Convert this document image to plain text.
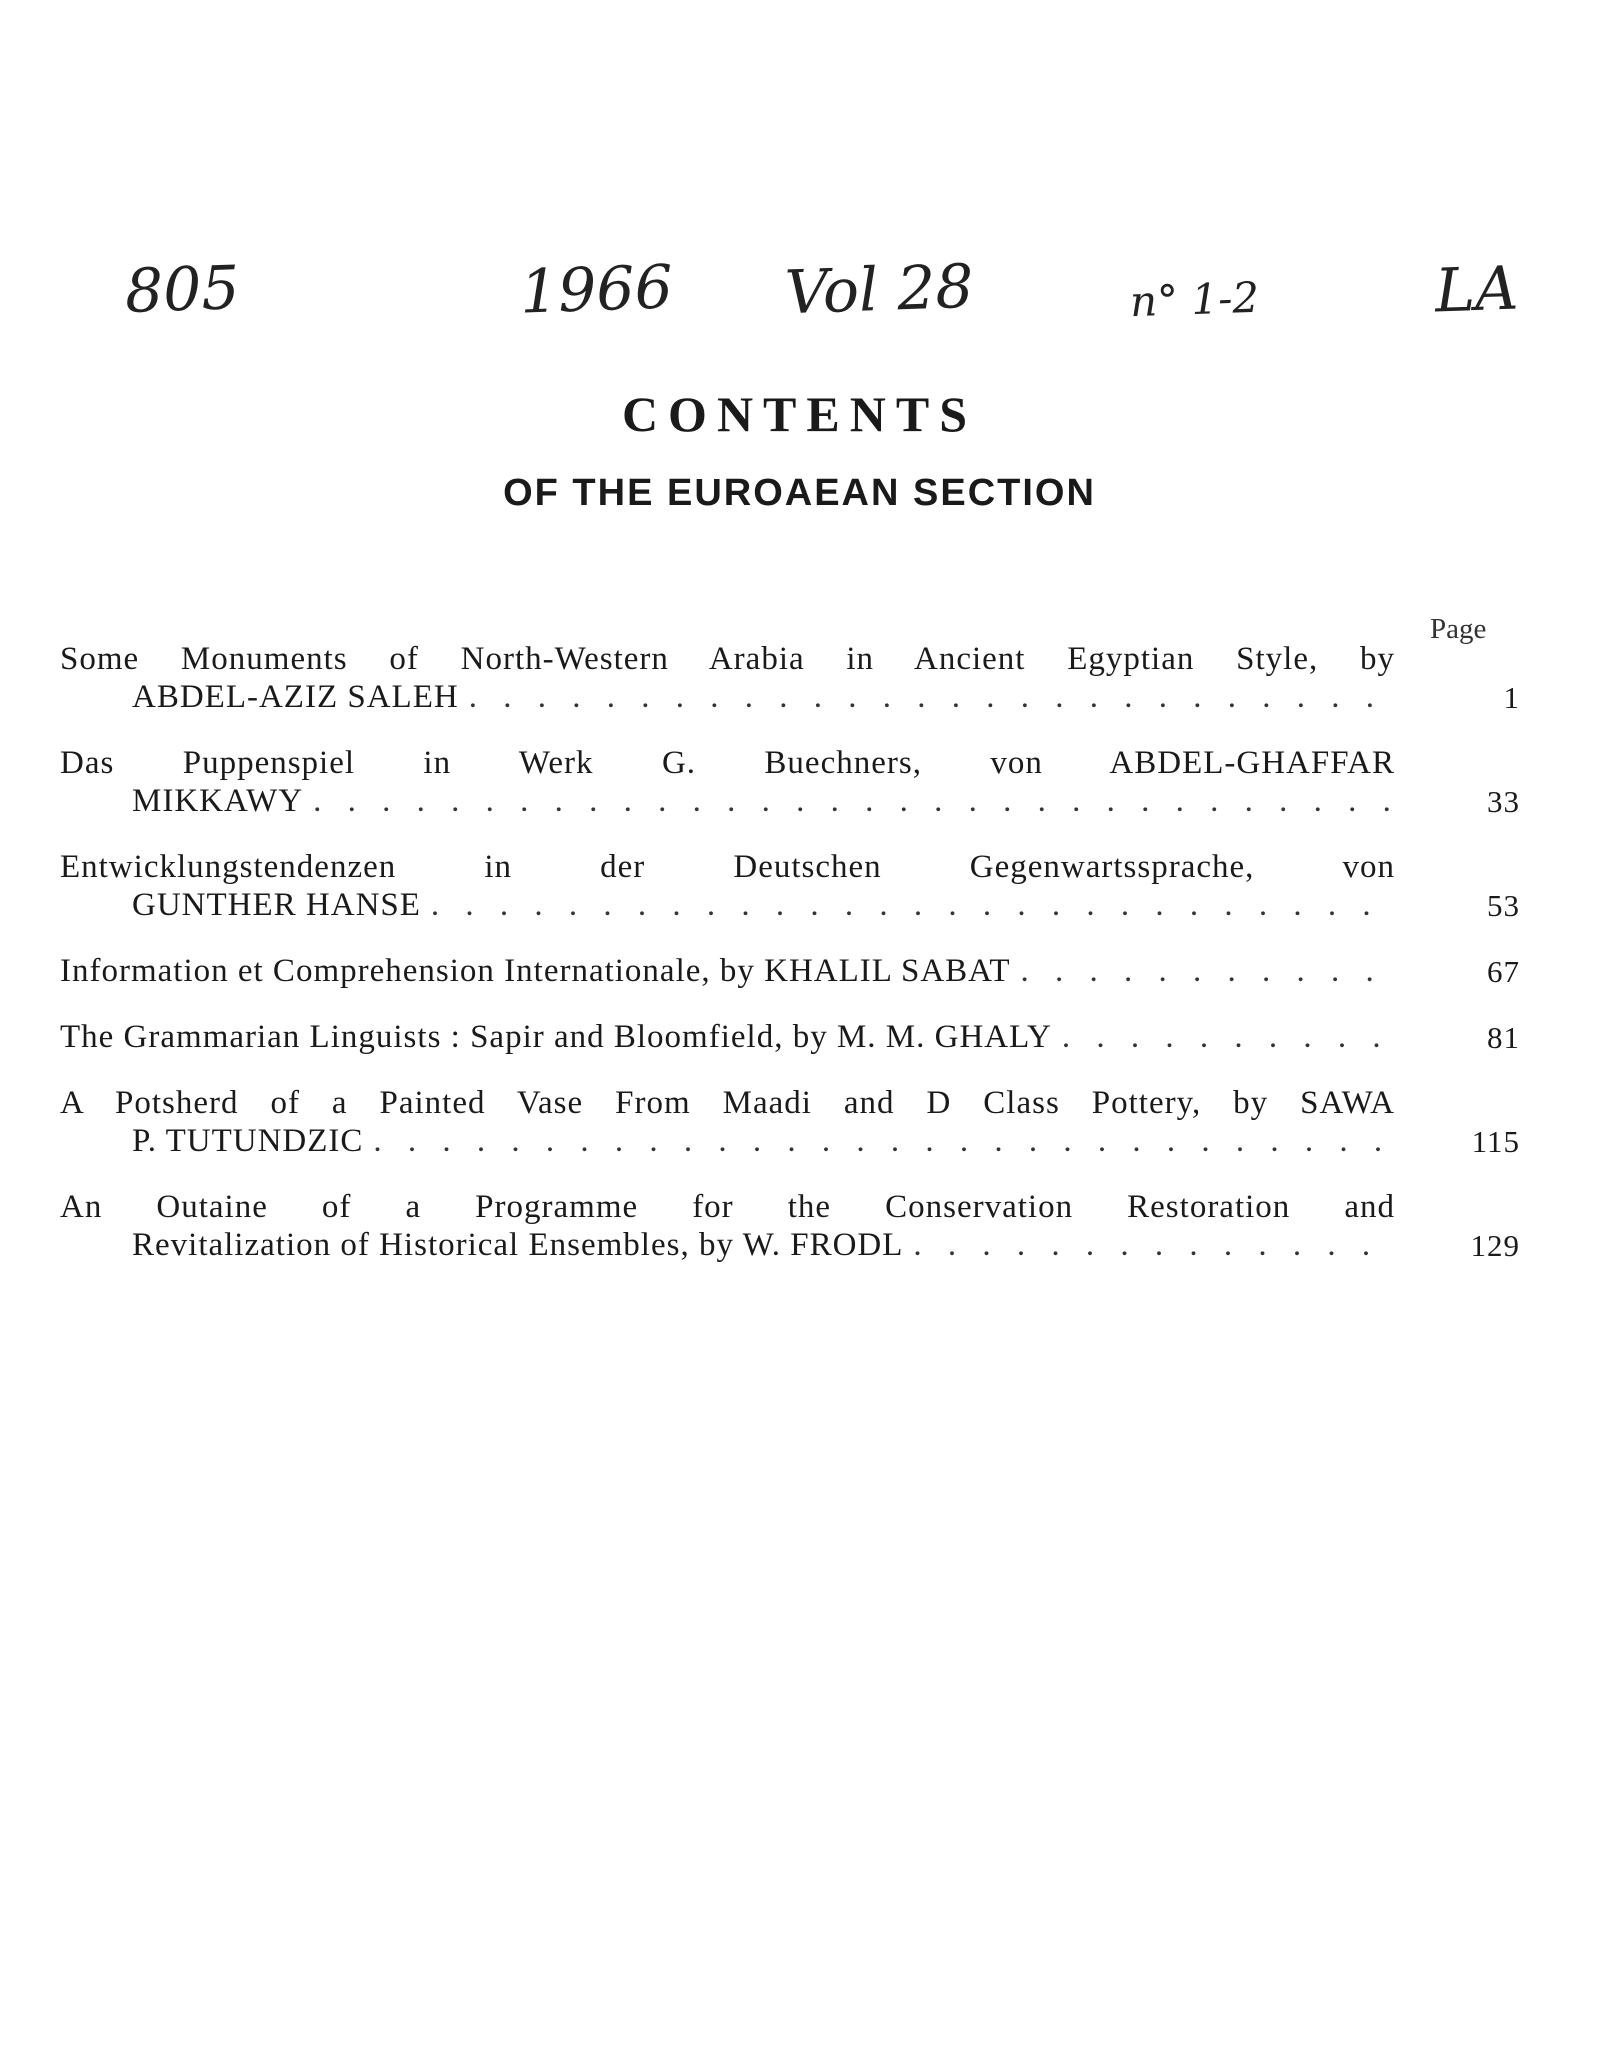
805	1966 Vol 28	n° 1-2	LA
CONTENTS
OF THE EUROAEAN SECTION
Page
Some Monuments of North-Western Arabia in Ancient Egyptian Style, by
ABDEL-AZIZ SALEH . . .	1
Das Puppenspiel in Werk G. Buechners, von ABDEL-GHAFFAR
MIKKAWY . . .	33
Entwicklungstendenzen in der Deutschen Gegenwartssprache, von
GUNTHER HANSE . . .	53
Information et Comprehension Internationale, by KHALIL SABAT . . .	67
The Grammarian Linguists : Sapir and Bloomfield, by M. M. GHALY . . .	81
A Potsherd of a Painted Vase From Maadi and D Class Pottery, by SAWA
P. TUTUNDZIC . . .	115
An Outaine of a Programme for the Conservation Restoration and
Revitalization of Historical Ensembles, by W. FRODL . . .	129
